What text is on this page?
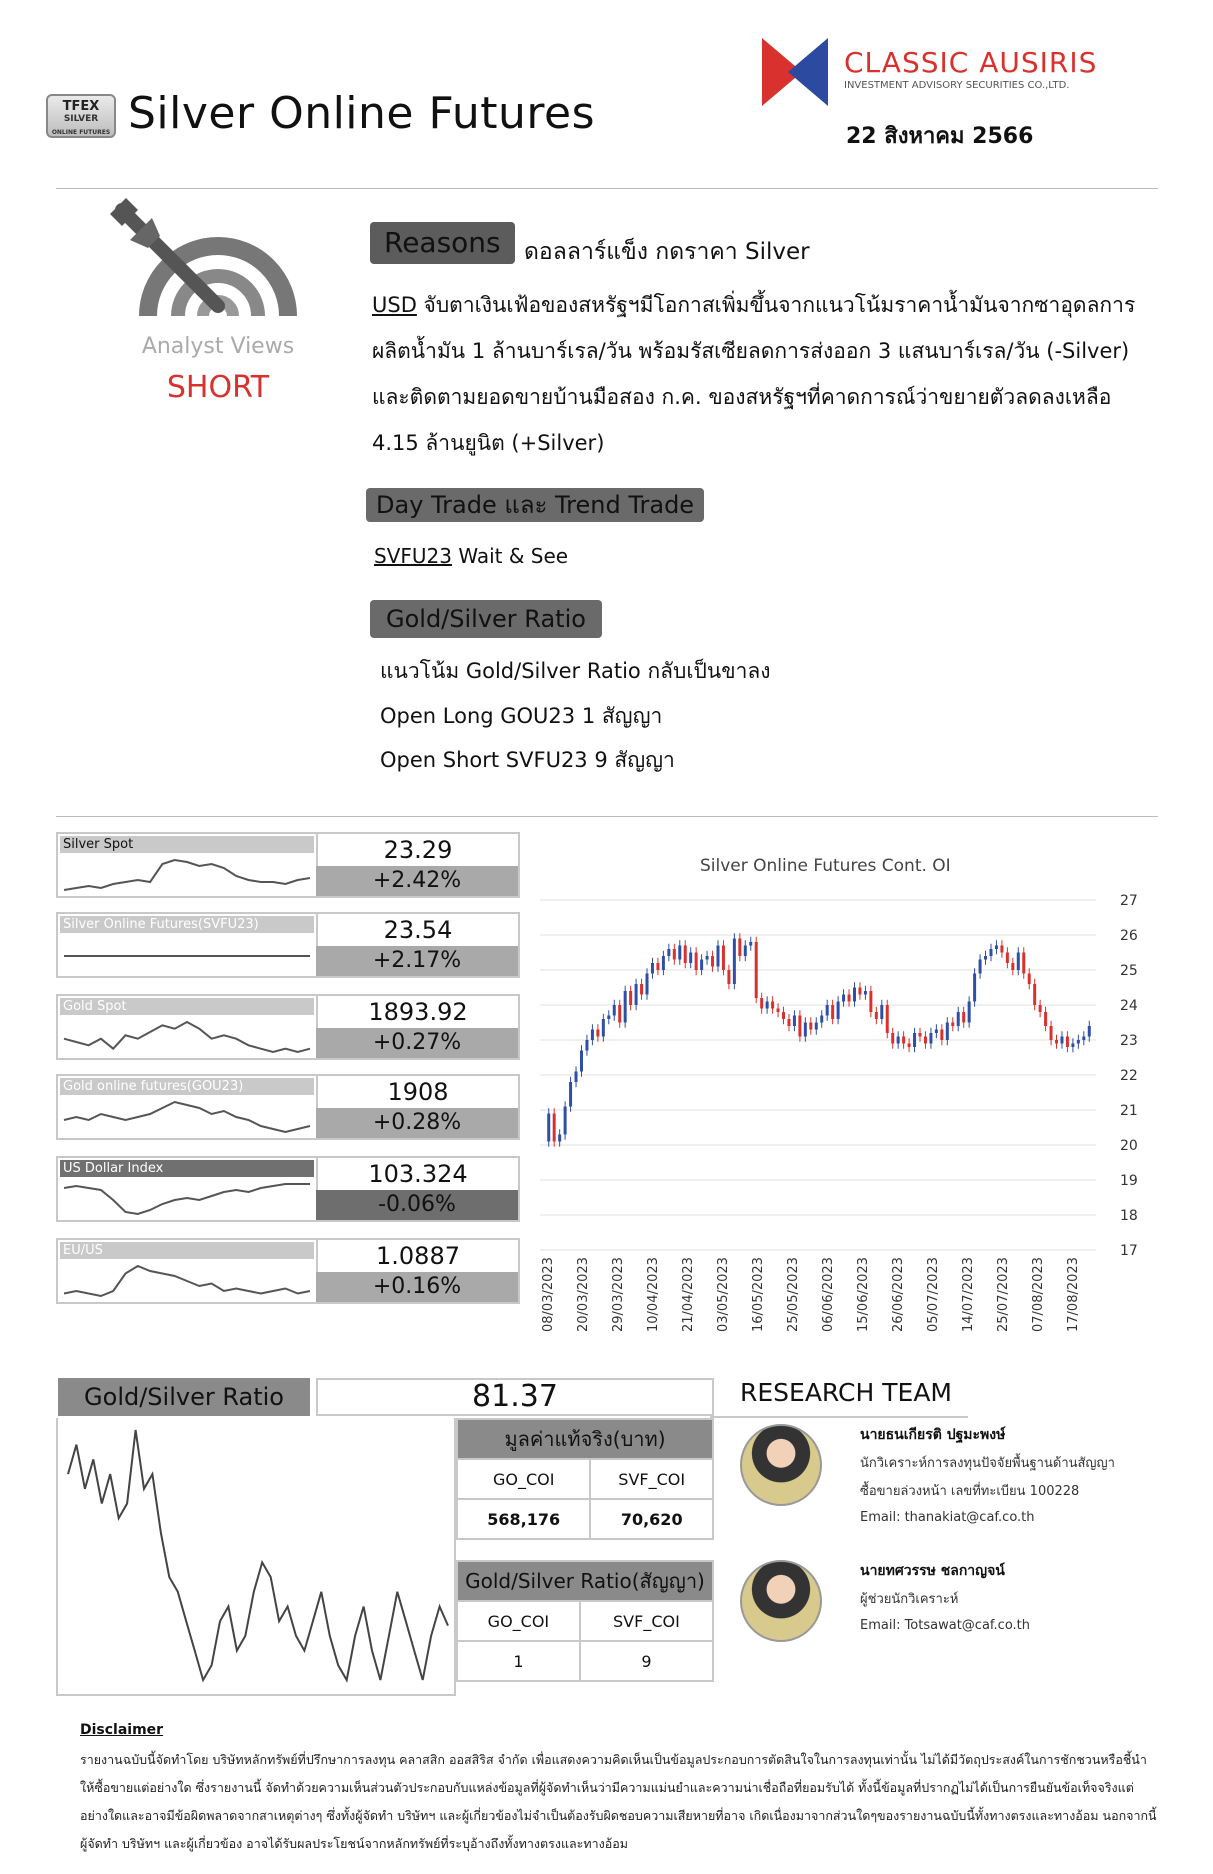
TFEX
SILVER
ONLINE FUTURES Silver Online Futures
CLASSIC AUSIRIS
INVESTMENT ADVISORY SECURITIES CO.,LTD.
22 สิงหาคม 2566
Analyst Views
SHORT
Reasons	ดอลลาร์แข็ง กดราคา Silver
USD จับตาเงินเฟ้อของสหรัฐฯมีโอกาสเพิ่มขึ้นจากแนวโน้มราคาน้ำมันจากซาอุดลการผลิตน้ำมัน 1 ล้านบาร์เรล/วัน พร้อมรัสเซียลดการส่งออก 3 แสนบาร์เรล/วัน (-Silver) และติดตามยอดขายบ้านมือสอง ก.ค. ของสหรัฐฯที่คาดการณ์ว่าขยายตัวลดลงเหลือ 4.15 ล้านยูนิต (+Silver)
Day Trade และ Trend Trade
SVFU23 Wait & See
Gold/Silver Ratio
แนวโน้ม Gold/Silver Ratio กลับเป็นขาลง
Open Long GOU23 1 สัญญา
Open Short SVFU23 9 สัญญา
Silver Spot	23.29
+2.42%
Silver Online Futures(SVFU23)	23.54
+2.17%
Gold Spot	1893.92
+0.27%
Gold online futures(GOU23)	1908
+0.28%
US Dollar Index	103.324
-0.06%
EU/US	1.0887
+0.16%
Silver Online Futures Cont. OI
17
18
19
20
21
22
23
24
25
26
27
08/03/2023 20/03/2023 29/03/2023 10/04/2023 21/04/2023 03/05/2023 16/05/2023 25/05/2023 06/06/2023 15/06/2023 26/06/2023 05/07/2023 14/07/2023 25/07/2023 07/08/2023 17/08/2023
Gold/Silver Ratio	81.37
มูลค่าแท้จริง(บาท)	
GO_COI	SVF_COI
568,176	70,620
Gold/Silver Ratio(สัญญา)	
GO_COI	SVF_COI
1	9
RESEARCH TEAM
นายธนเกียรติ ปฐมะพงษ์
นักวิเคราะห์การลงทุนปัจจัยพื้นฐานด้านสัญญา
ซื้อขายล่วงหน้า เลขที่ทะเบียน 100228
Email: thanakiat@caf.co.th
นายทศวรรษ ชลกาญจน์
ผู้ช่วยนักวิเคราะห์
Email: Totsawat@caf.co.th
Disclaimer
รายงานฉบับนี้จัดทำโดย บริษัทหลักทรัพย์ที่ปรึกษาการลงทุน คลาสสิก ออสสิริส จำกัด เพื่อแสดงความคิดเห็นเป็นข้อมูลประกอบการตัดสินใจในการลงทุนเท่านั้น ไม่ได้มีวัตถุประสงค์ในการชักชวนหรือชี้นำให้ซื้อขายแต่อย่างใด ซึ่งรายงานนี้ จัดทำด้วยความเห็นส่วนตัวประกอบกับแหล่งข้อมูลที่ผู้จัดทำเห็นว่ามีความแม่นยำและความน่าเชื่อถือที่ยอมรับได้ ทั้งนี้ข้อมูลที่ปรากฏไม่ได้เป็นการยืนยันข้อเท็จจริงแต่อย่างใดและอาจมีข้อผิดพลาดจากสาเหตุต่างๆ ซึ่งทั้งผู้จัดทำ บริษัทฯ และผู้เกี่ยวข้องไม่จำเป็นต้องรับผิดชอบความเสียหายที่อาจ เกิดเนื่องมาจากส่วนใดๆของรายงานฉบับนี้ทั้งทางตรงและทางอ้อม นอกจากนี้ผู้จัดทำ บริษัทฯ และผู้เกี่ยวข้อง อาจได้รับผลประโยชน์จากหลักทรัพย์ที่ระบุอ้างถึงทั้งทางตรงและทางอ้อม
